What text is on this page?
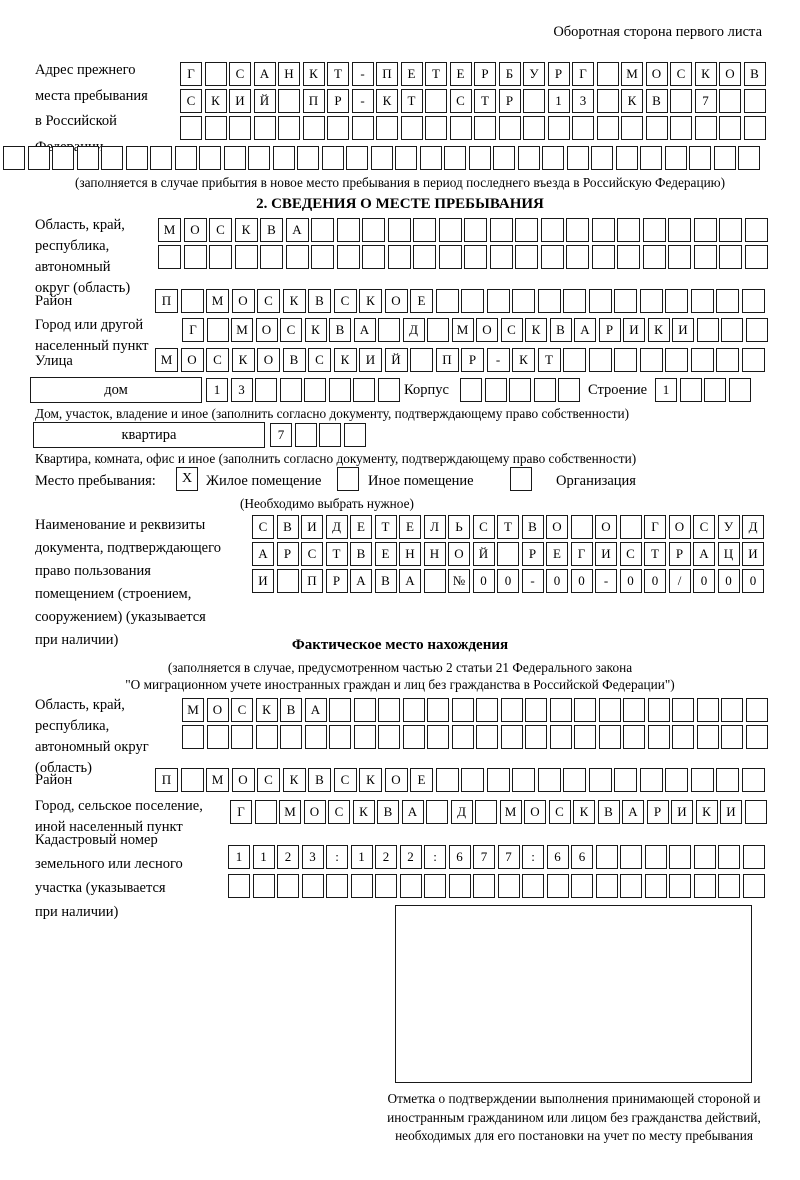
Оборотная сторона первого листа
Адрес прежнего
места пребывания
в Российской
Г	С	А	Н	К	Т	-	П	Е	Т	Е	Р	Б	У	Р	Г	М	О	С	К	О	В
С	К	И	Й	П	Р	-	К	Т	С	Т	Р	1	3	К	В	7
(заполняется в случае прибытия в новое место пребывания в период последнего въезда в Российскую Федерацию)
2. СВЕДЕНИЯ О МЕСТЕ ПРЕБЫВАНИЯ
Область, край,
республика,
автономный
округ (область)
М	О	С	К	В	А
Район	П	М	О	С	К	В	С	К	О	Е
Город или другой
населенный пункт
Г	М	О	С	К	В	А	Д	М	О	С	К	В	А	Р	И	К	И
Улица	М	О	С	К	О	В	С	К	И	Й	П	Р	-	К	Т
дом	1	3	Корпус	Строение	1
Дом, участок, владение и иное (заполнить согласно документу, подтверждающему право собственности)
квартира	7
Квартира, комната, офис и иное (заполнить согласно документу, подтверждающему право собственности)
Место пребывания:	X Жилое помещение	Иное помещение	Организация
(Необходимо выбрать нужное)
Наименование и реквизиты
документа, подтверждающего
право пользования
помещением (строением,
сооружением) (указывается
при наличии)
С	В	И	Д	Е	Т	Е	Л	Ь	С	Т	В	О	О	Г	О	С	У	Д
А	Р	С	Т	В	Е	Н	Н	О	Й	Р	Е	Г	И	С	Т	Р	А	Ц	И
И	П	Р	А	В	А	№	0	0	-	0	0	-	0	0	/	0	0	0
Фактическое место нахождения
(заполняется в случае, предусмотренном частью 2 статьи 21 Федерального закона
"О миграционном учете иностранных граждан и лиц без гражданства в Российской Федерации")
Область, край,
республика,
автономный округ
(область)
М	О	С	К	В	А
Район	П	М	О	С	К	В	С	К	О	Е
Город, сельское поселение,
иной населенный пункт
Г	М	О	С	К	В	А	Д	М	О	С	К	В	А	Р	И	К	И
Кадастровый номер
земельного или лесного
участка (указывается
при наличии)
1	1	2	3	:	1	2	2	:	6	7	7	:	6	6
Отметка о подтверждении выполнения принимающей стороной и иностранным гражданином или лицом без гражданства действий, необходимых для его постановки на учет по месту пребывания
